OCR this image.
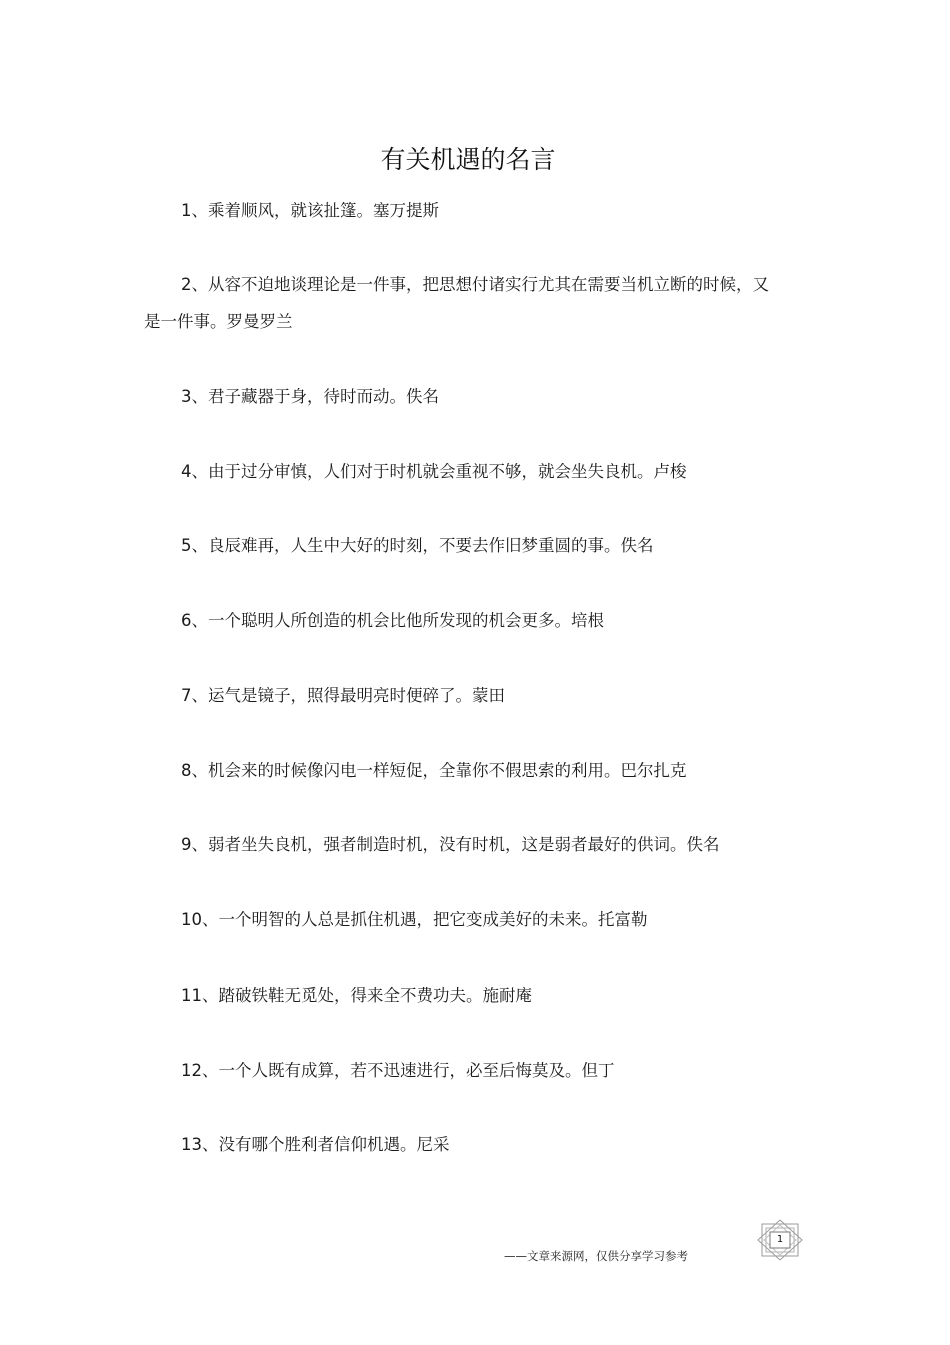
有关机遇的名言
1、乘着顺风，就该扯篷。塞万提斯
2、从容不迫地谈理论是一件事，把思想付诸实行尤其在需要当机立断的时候，又是一件事。罗曼罗兰
3、君子藏器于身，待时而动。佚名
4、由于过分审慎，人们对于时机就会重视不够，就会坐失良机。卢梭
5、良辰难再，人生中大好的时刻，不要去作旧梦重圆的事。佚名
6、一个聪明人所创造的机会比他所发现的机会更多。培根
7、运气是镜子，照得最明亮时便碎了。蒙田
8、机会来的时候像闪电一样短促，全靠你不假思索的利用。巴尔扎克
9、弱者坐失良机，强者制造时机，没有时机，这是弱者最好的供词。佚名
10、一个明智的人总是抓住机遇，把它变成美好的未来。托富勒
11、踏破铁鞋无觅处，得来全不费功夫。施耐庵
12、一个人既有成算，若不迅速进行，必至后悔莫及。但丁
13、没有哪个胜利者信仰机遇。尼采
——文章来源网，仅供分享学习参考
1
